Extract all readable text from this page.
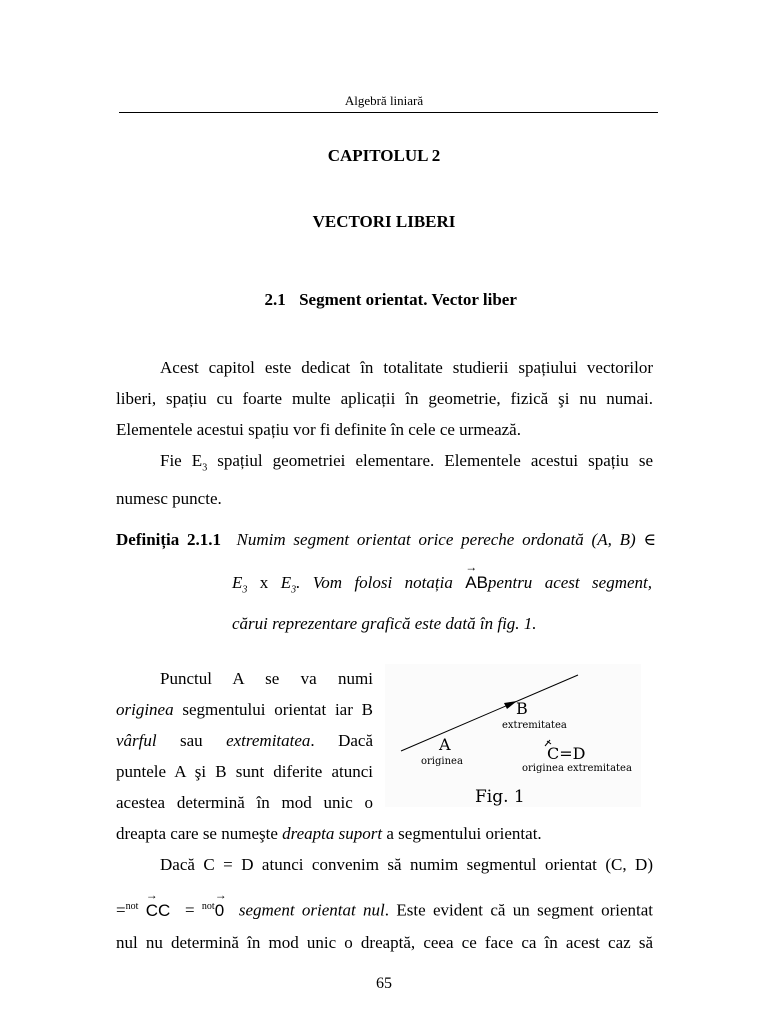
Algebră liniară
CAPITOLUL 2
VECTORI LIBERI
2.1 Segment orientat. Vector liber
Acest capitol este dedicat în totalitate studierii spațiului vectorilor
liberi, spațiu cu foarte multe aplicații în geometrie, fizică şi nu numai.
Elementele acestui spațiu vor fi definite în cele ce urmează.
Fie $E_3$ spațiul geometriei elementare. Elementele acestui spațiu se
numesc puncte.
Definiția 2.1.1 Numim segment orientat orice pereche ordonată (A, B) ∈
$E_3$ x $E_3$. Vom folosi notația
→
ABpentru acest segment,
cărui reprezentare grafică este dată în fig. 1.
Punctul A se va numi
originea segmentului orientat iar B
vârful sau extremitatea. Dacă
puntele A şi B sunt diferite atunci
acestea determină în mod unic o
dreapta care se numeşte dreapta suport a segmentului orientat.
B
extremitatea
A	C=D
originea
originea extremitatea
Fig. 1
Dacă C = D atunci convenim să numim segmentul orientat (C, D)
=$^{not}$
→
CC = $^{not}$
→
0 segment orientat nul. Este evident că un segment orientat
nul nu determină în mod unic o dreaptă, ceea ce face ca în acest caz să
65
